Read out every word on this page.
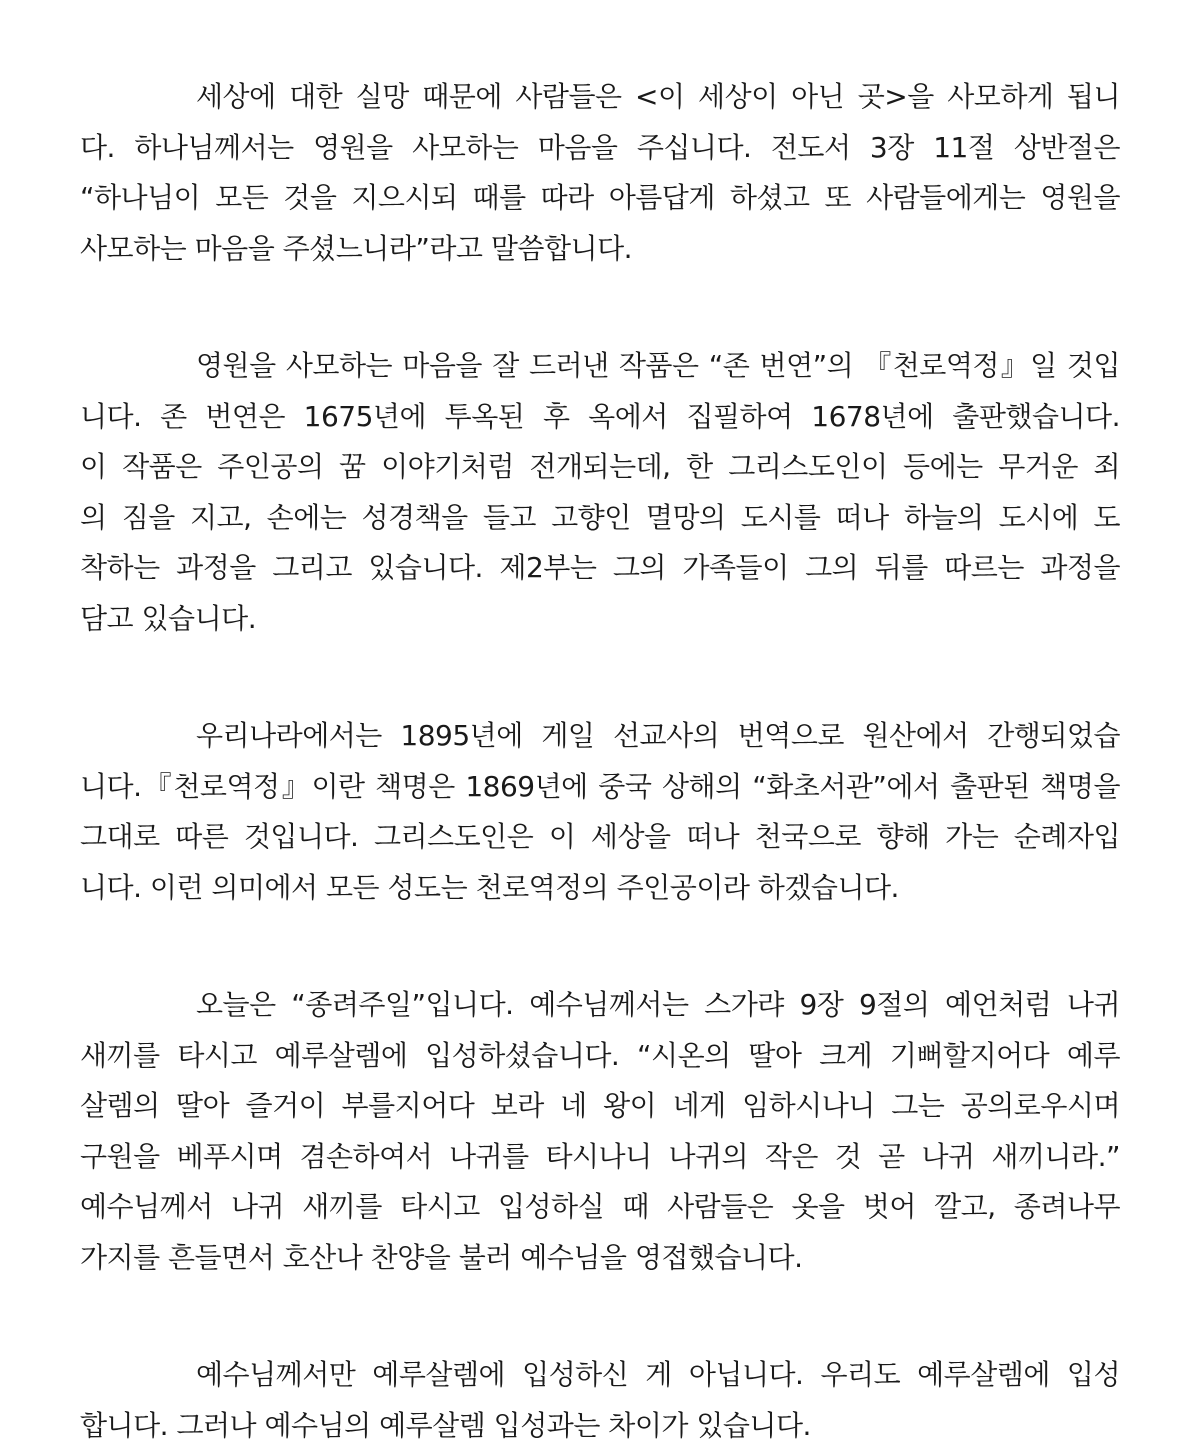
세상에 대한 실망 때문에 사람들은 <이 세상이 아닌 곳>을 사모하게 됩니
다. 하나님께서는 영원을 사모하는 마음을 주십니다. 전도서 3장 11절 상반절은
“하나님이 모든 것을 지으시되 때를 따라 아름답게 하셨고 또 사람들에게는 영원을
사모하는 마음을 주셨느니라”라고 말씀합니다.
영원을 사모하는 마음을 잘 드러낸 작품은 “존 번연”의 『천로역정』일 것입
니다. 존 번연은 1675년에 투옥된 후 옥에서 집필하여 1678년에 출판했습니다.
이 작품은 주인공의 꿈 이야기처럼 전개되는데, 한 그리스도인이 등에는 무거운 죄
의 짐을 지고, 손에는 성경책을 들고 고향인 멸망의 도시를 떠나 하늘의 도시에 도
착하는 과정을 그리고 있습니다. 제2부는 그의 가족들이 그의 뒤를 따르는 과정을
담고 있습니다.
우리나라에서는 1895년에 게일 선교사의 번역으로 원산에서 간행되었습
니다.『천로역정』이란 책명은 1869년에 중국 상해의 “화초서관”에서 출판된 책명을
그대로 따른 것입니다. 그리스도인은 이 세상을 떠나 천국으로 향해 가는 순례자입
니다. 이런 의미에서 모든 성도는 천로역정의 주인공이라 하겠습니다.
오늘은 “종려주일”입니다. 예수님께서는 스가랴 9장 9절의 예언처럼 나귀
새끼를 타시고 예루살렘에 입성하셨습니다. “시온의 딸아 크게 기뻐할지어다 예루
살렘의 딸아 즐거이 부를지어다 보라 네 왕이 네게 임하시나니 그는 공의로우시며
구원을 베푸시며 겸손하여서 나귀를 타시나니 나귀의 작은 것 곧 나귀 새끼니라.”
예수님께서 나귀 새끼를 타시고 입성하실 때 사람들은 옷을 벗어 깔고, 종려나무
가지를 흔들면서 호산나 찬양을 불러 예수님을 영접했습니다.
예수님께서만 예루살렘에 입성하신 게 아닙니다. 우리도 예루살렘에 입성
합니다. 그러나 예수님의 예루살렘 입성과는 차이가 있습니다.
